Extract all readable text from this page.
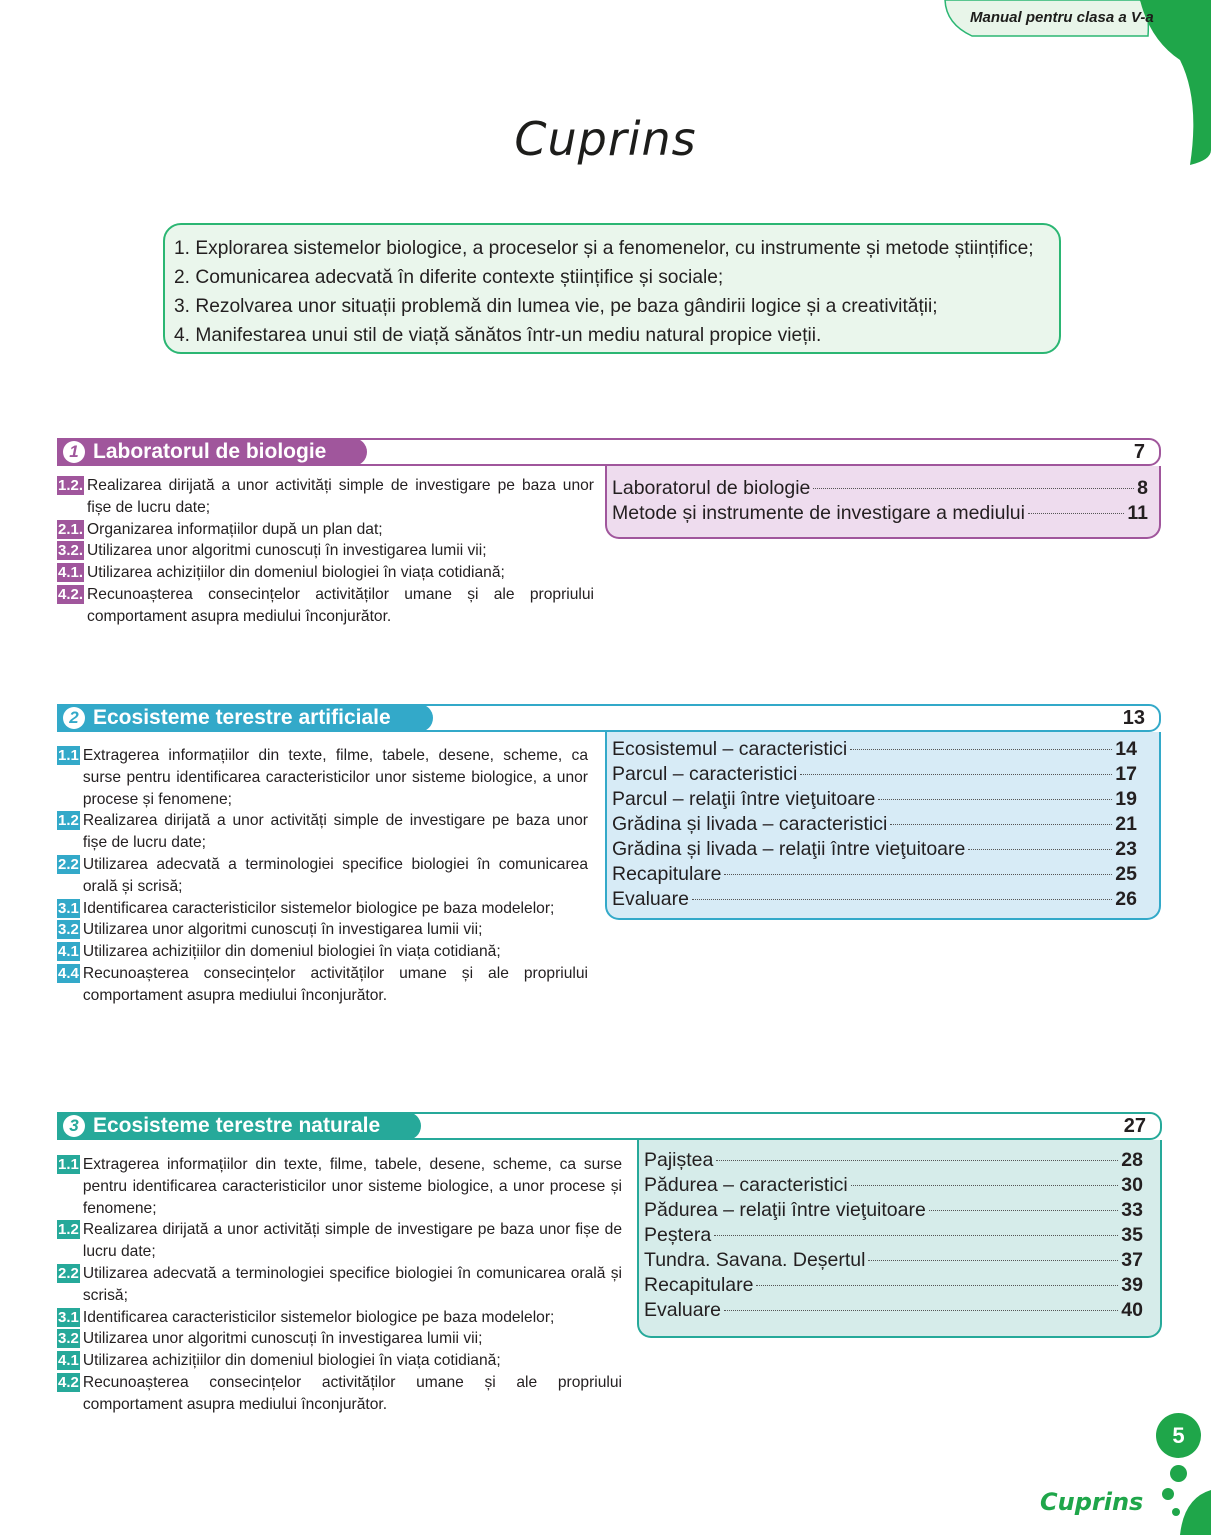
Manual pentru clasa a V-a
Cuprins
1. Explorarea sistemelor biologice, a proceselor și a fenomenelor, cu instrumente și metode științifice;
2. Comunicarea adecvată în diferite contexte științifice și sociale;
3. Rezolvarea unor situații problemă din lumea vie, pe baza gândirii logice și a creativității;
4. Manifestarea unui stil de viață sănătos într-un mediu natural propice vieții.
1 Laboratorul de biologie	7
1.2. Realizarea dirijată a unor activități simple de investigare pe baza unor fișe de lucru date;
2.1. Organizarea informațiilor după un plan dat;
3.2. Utilizarea unor algoritmi cunoscuți în investigarea lumii vii;
4.1. Utilizarea achizițiilor din domeniul biologiei în viața cotidiană;
4.2. Recunoașterea consecințelor activităților umane și ale propriului comportament asupra mediului înconjurător.
Laboratorul de biologie	8
Metode și instrumente de investigare a mediului	11
2 Ecosisteme terestre artificiale	13
1.1 Extragerea informațiilor din texte, filme, tabele, desene, scheme, ca surse pentru identificarea caracteristicilor unor sisteme biologice, a unor procese și fenomene;
1.2 Realizarea dirijată a unor activități simple de investigare pe baza unor fișe de lucru date;
2.2 Utilizarea adecvată a terminologiei specifice biologiei în comunicarea orală și scrisă;
3.1 Identificarea caracteristicilor sistemelor biologice pe baza modelelor;
3.2 Utilizarea unor algoritmi cunoscuți în investigarea lumii vii;
4.1 Utilizarea achizițiilor din domeniul biologiei în viața cotidiană;
4.4 Recunoașterea consecințelor activităților umane și ale propriului comportament asupra mediului înconjurător.
Ecosistemul – caracteristici	14
Parcul – caracteristici	17
Parcul – relaţii între vieţuitoare	19
Grădina și livada – caracteristici	21
Grădina și livada – relaţii între vieţuitoare	23
Recapitulare	25
Evaluare	26
3 Ecosisteme terestre naturale	27
1.1 Extragerea informațiilor din texte, filme, tabele, desene, scheme, ca surse pentru identificarea caracteristicilor unor sisteme biologice, a unor procese și fenomene;
1.2 Realizarea dirijată a unor activități simple de investigare pe baza unor fișe de lucru date;
2.2 Utilizarea adecvată a terminologiei specifice biologiei în comunicarea orală și scrisă;
3.1 Identificarea caracteristicilor sistemelor biologice pe baza modelelor;
3.2 Utilizarea unor algoritmi cunoscuți în investigarea lumii vii;
4.1 Utilizarea achizițiilor din domeniul biologiei în viața cotidiană;
4.2 Recunoașterea consecințelor activităților umane și ale propriului comportament asupra mediului înconjurător.
Pajiștea	28
Pădurea – caracteristici	30
Pădurea – relaţii între vieţuitoare	33
Peștera	35
Tundra. Savana. Deșertul	37
Recapitulare	39
Evaluare	40
5
Cuprins
